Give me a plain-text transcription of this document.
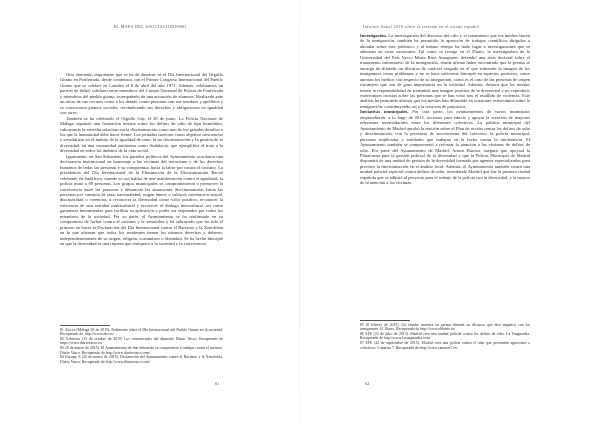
EL MAPA DEL ASOCIACIONISMO

Otro elemento importante que se ha de destacar es el Día Internacional del Orgullo Gitano en Ponferrada, desde comienzos con el Primer Congreso Internacional del Pueblo Gitano que se celebró en Londres el 8 de abril del año 1971. Además, celebramos un partido de fútbol solidario entre miembros del Cuerpo Nacional de Policía de Ponferrada y miembros del pueblo gitano, acompañado de una actuación de alumnos. Realizado ante un aforo de sus vecinos como a los demás, como personas con sus nombres y apellidos y se convocaron gitanos sociales, reivindicando sus derechos y obligaciones en igualdad con otros.

También se ha celebrado el Orgullo Gay, el 28 de junio. La Policía Nacional de Málaga organizó una formación interna sobre los delitos de odio de tipo homófobo, subrayando la estrecha relación con la discriminación como uno de los grandes desafíos a los que la humanidad debe hacer frente. Los jornadas tuvieron como objetivo concienciar y sensibilizar en el ámbito de la igualdad de trato, la no discriminación y la gestión de la diversidad, en una comunidad autónoma como Andalucía, que ejemplifica el trato a la diversidad en todos los ámbitos de la vida social.

Igualmente, en San Sebastián, los partidos políticos del Ayuntamiento acordaron una declaración institucional en homenaje a las víctimas del terrorismo y de los derechos humanos de todas las personas y su compromiso hacia la labor por contra el racismo. La presidencia del Día Internacional de la Eliminación de la Discriminación Racial celebrado en Sudáfrica, cuando se usó hablar de una manifestación contra el apartheid, la policía mató a 69 personas. Los grupos municipales se comprometieron a promover la convivencia entre las personas y denunciar las situaciones discriminatorias hacia las personas por cuestión de raza, nacionalidad, origen étnico o cultural, orientación sexual, discapacidad o creencias, a reconocer la diversidad como valor positivo, reconocer la existencia de una realidad multicultural y favorecer el diálogo intercultural, así como garantizar herramientas para facilitar su aplicación y poder ser respetados por todos los miembros de la sociedad. Por su parte, el Ayuntamiento se ha reafirmado en su compromiso de luchar contra el racismo y la xenofobia y ha subrayado que ha sido el primero en hacer la Declaración del Día Internacional contra el Racismo y la Xenofobia en la que afirman que todos los residentes tienen los mismos derechos y deberes, independientemente de su origen, religión, costumbres o identidad. Se ha hecho hincapié en que la diversidad es una riqueza que enriquece a la sociedad y la convivencia.

81 Abc.es (Málaga 28 de 2015). Pedimento sobre el Día Internacional del Pueblo Gitano en la sociedad. Recuperado de: http://www.abc.es/

82 Gobierno (15 de octubre de 2015) Los comunicados del diputado Diario Vasco. Recuperado de https://www.diariovasco.es/

83 20 de marzo de 2015). El Ayuntamiento de San Sebastián se compromete a trabajar contra el racismo. Diario Vasco. Recuperado de http://www.diariovasco.com/

84 Europa, 8 (26 de marzo de 2015). Declaración del Ayuntamiento contra el Racismo y la Xenofobia. Diario Vasco. Recuperado de http://www.diariovasco.com/

61
Informe Anual 2016 sobre el racismo en el estado español

Investigación. La investigación del discurso del odio y el tratamiento que los medios hacen de la inmigración, también ha permitido la aparición de trabajos científicos dirigidos a ahondar sobre este polémico y al mismo tiempo ha dado lugar a investigaciones que se adentran en estas cuestiones. Tal como se recoge en el Diario, la investigadora de la Universidad del País Vasco María Ruiz Aranguren, defendió una tesis doctoral sobre el tratamiento informativo de la inmigración, donde afirma haber encontrado que la prensa se encarga de difundir un discurso de carácter sesgado en el que sobresale la imagen de los inmigrantes como problemas y no se hace suficiente hincapié en aspectos positivos, como aportan los medios con respecto de su integración, como es el caso de las personas de origen extranjero que son de gran importancia en la sociedad. Además, destaca que los medios tienen la responsabilidad de transmitir una imagen positiva de la diversidad y no reproducir estereotipos racistas sobre las personas que se han visto tras el estallido de violencia. Este análisis ha permitido afirmar que los medios han difundido en ocasiones estereotipos sobre la inmigración, contribuyendo así a la creación de prejuicios.

Iniciativas municipales. Por otra parte, los ayuntamientos de varios municipios emprendieron, a lo largo de 2015, acciones para educar y apoyar la creación de mayores relaciones interculturales entre los diferentes colectivos. La política municipal del Ayuntamiento de Madrid aprobó la moción sobre el Plan de acción contra los delitos de odio y discriminación, con la presencia de asociaciones del colectivo, la policía municipal, personas implicadas y entidades que trabajan en la lucha contra la intolerancia. El Ayuntamiento también se comprometió a reforzar la atención a las víctimas de delitos de odio. Por parte del Ayuntamiento de Madrid, Arturo Barrios, aseguró que apoyará la Plataforma para la gestión policial de la diversidad y que la Policía Municipal de Madrid dispondrá de una unidad de gestión de la diversidad formada por agentes especializados para prevenir la discriminación en el ámbito local. Además, el Ayuntamiento también creará una unidad policial especial contra delitos de odio, recordando Madrid que fue la primera ciudad española que se adhirió al proyecto para el trabajo de la policía con la diversidad, y la mejora de la atención a las víctimas.

85 (8 febrero de 2015). Un estudio muestra en prensa difunde un discurso que dice negativo con los inmigrantes. El Diario. Recuperado de http://www.eldiario.es/

86 EFE (22 de julio de 2015). Madrid crea una unidad policial contra los delitos de odio. La Vanguardia. Recuperado de http://www.lavanguardia.com/

87 EFE (22 de septiembre de 2015). Madrid crea una policía contra el odio que prevendrá agresiones a colectivos. Canarias 7. Recuperado de http://www.canarias7.es/

62
